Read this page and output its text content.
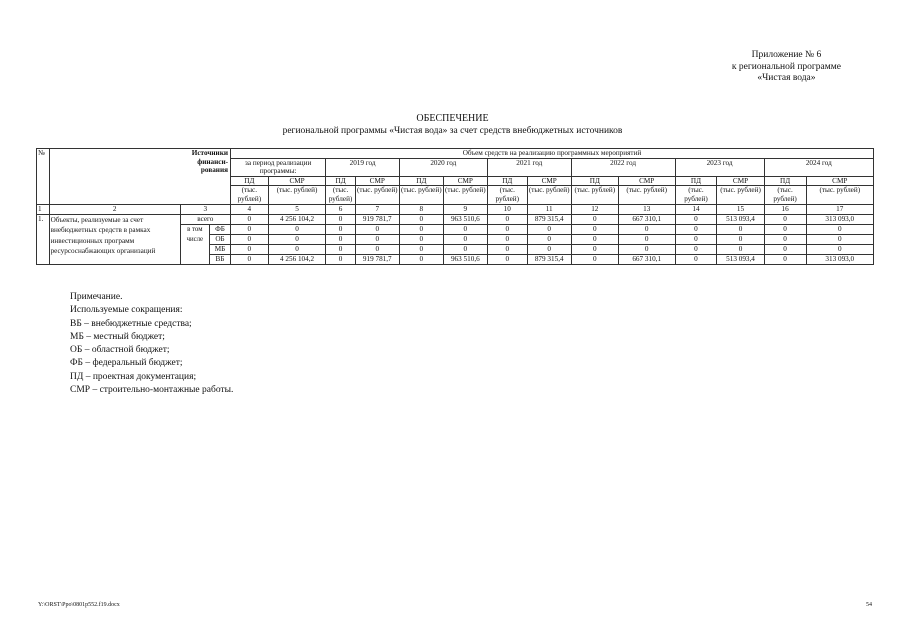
Приложение № 6
к региональной программе
«Чистая вода»
ОБЕСПЕЧЕНИЕ
региональной программы «Чистая вода» за счет средств внебюджетных источников
№		Источники финанси-рования		Объем средств на реализацию программных мероприятий													
				за период реализации программы:		2019 год		2020 год		2021 год		2022 год		2023 год		2024 год	
				ПД	СМР	ПД	СМР	ПД	СМР	ПД	СМР	ПД	СМР	ПД	СМР	ПД	СМР
				(тыс. рублей)	(тыс. рублей)	(тыс. рублей)	(тыс. рублей)	(тыс. рублей)	(тыс. рублей)	(тыс. рублей)	(тыс. рублей)	(тыс. рублей)	(тыс. рублей)	(тыс. рублей)	(тыс. рублей)	(тыс. рублей)	(тыс. рублей)
1	2	3		4	5	6	7	8	9	10	11	12	13	14	15	16	17
1.	Объекты, реализуемые за счет внебюджетных средств в рамках инвестиционных программ ресурсоснабжающих организаций	всего		0	4 256 104,2	0	919 781,7	0	963 510,6	0	879 315,4	0	667 310,1	0	513 093,4	0	313 093,0
		в том числе	ФБ	0	0	0	0	0	0	0	0	0	0	0	0	0	0
			ОБ	0	0	0	0	0	0	0	0	0	0	0	0	0	0
			МБ	0	0	0	0	0	0	0	0	0	0	0	0	0	0
			ВБ	0	4 256 104,2	0	919 781,7	0	963 510,6	0	879 315,4	0	667 310,1	0	513 093,4	0	313 093,0
Примечание.
Используемые сокращения:
ВБ – внебюджетные средства;
МБ – местный бюджет;
ОБ – областной бюджет;
ФБ – федеральный бюджет;
ПД – проектная документация;
СМР – строительно-монтажные работы.
Y:\ORST\Ppo\0801p552.f19.docx	54
